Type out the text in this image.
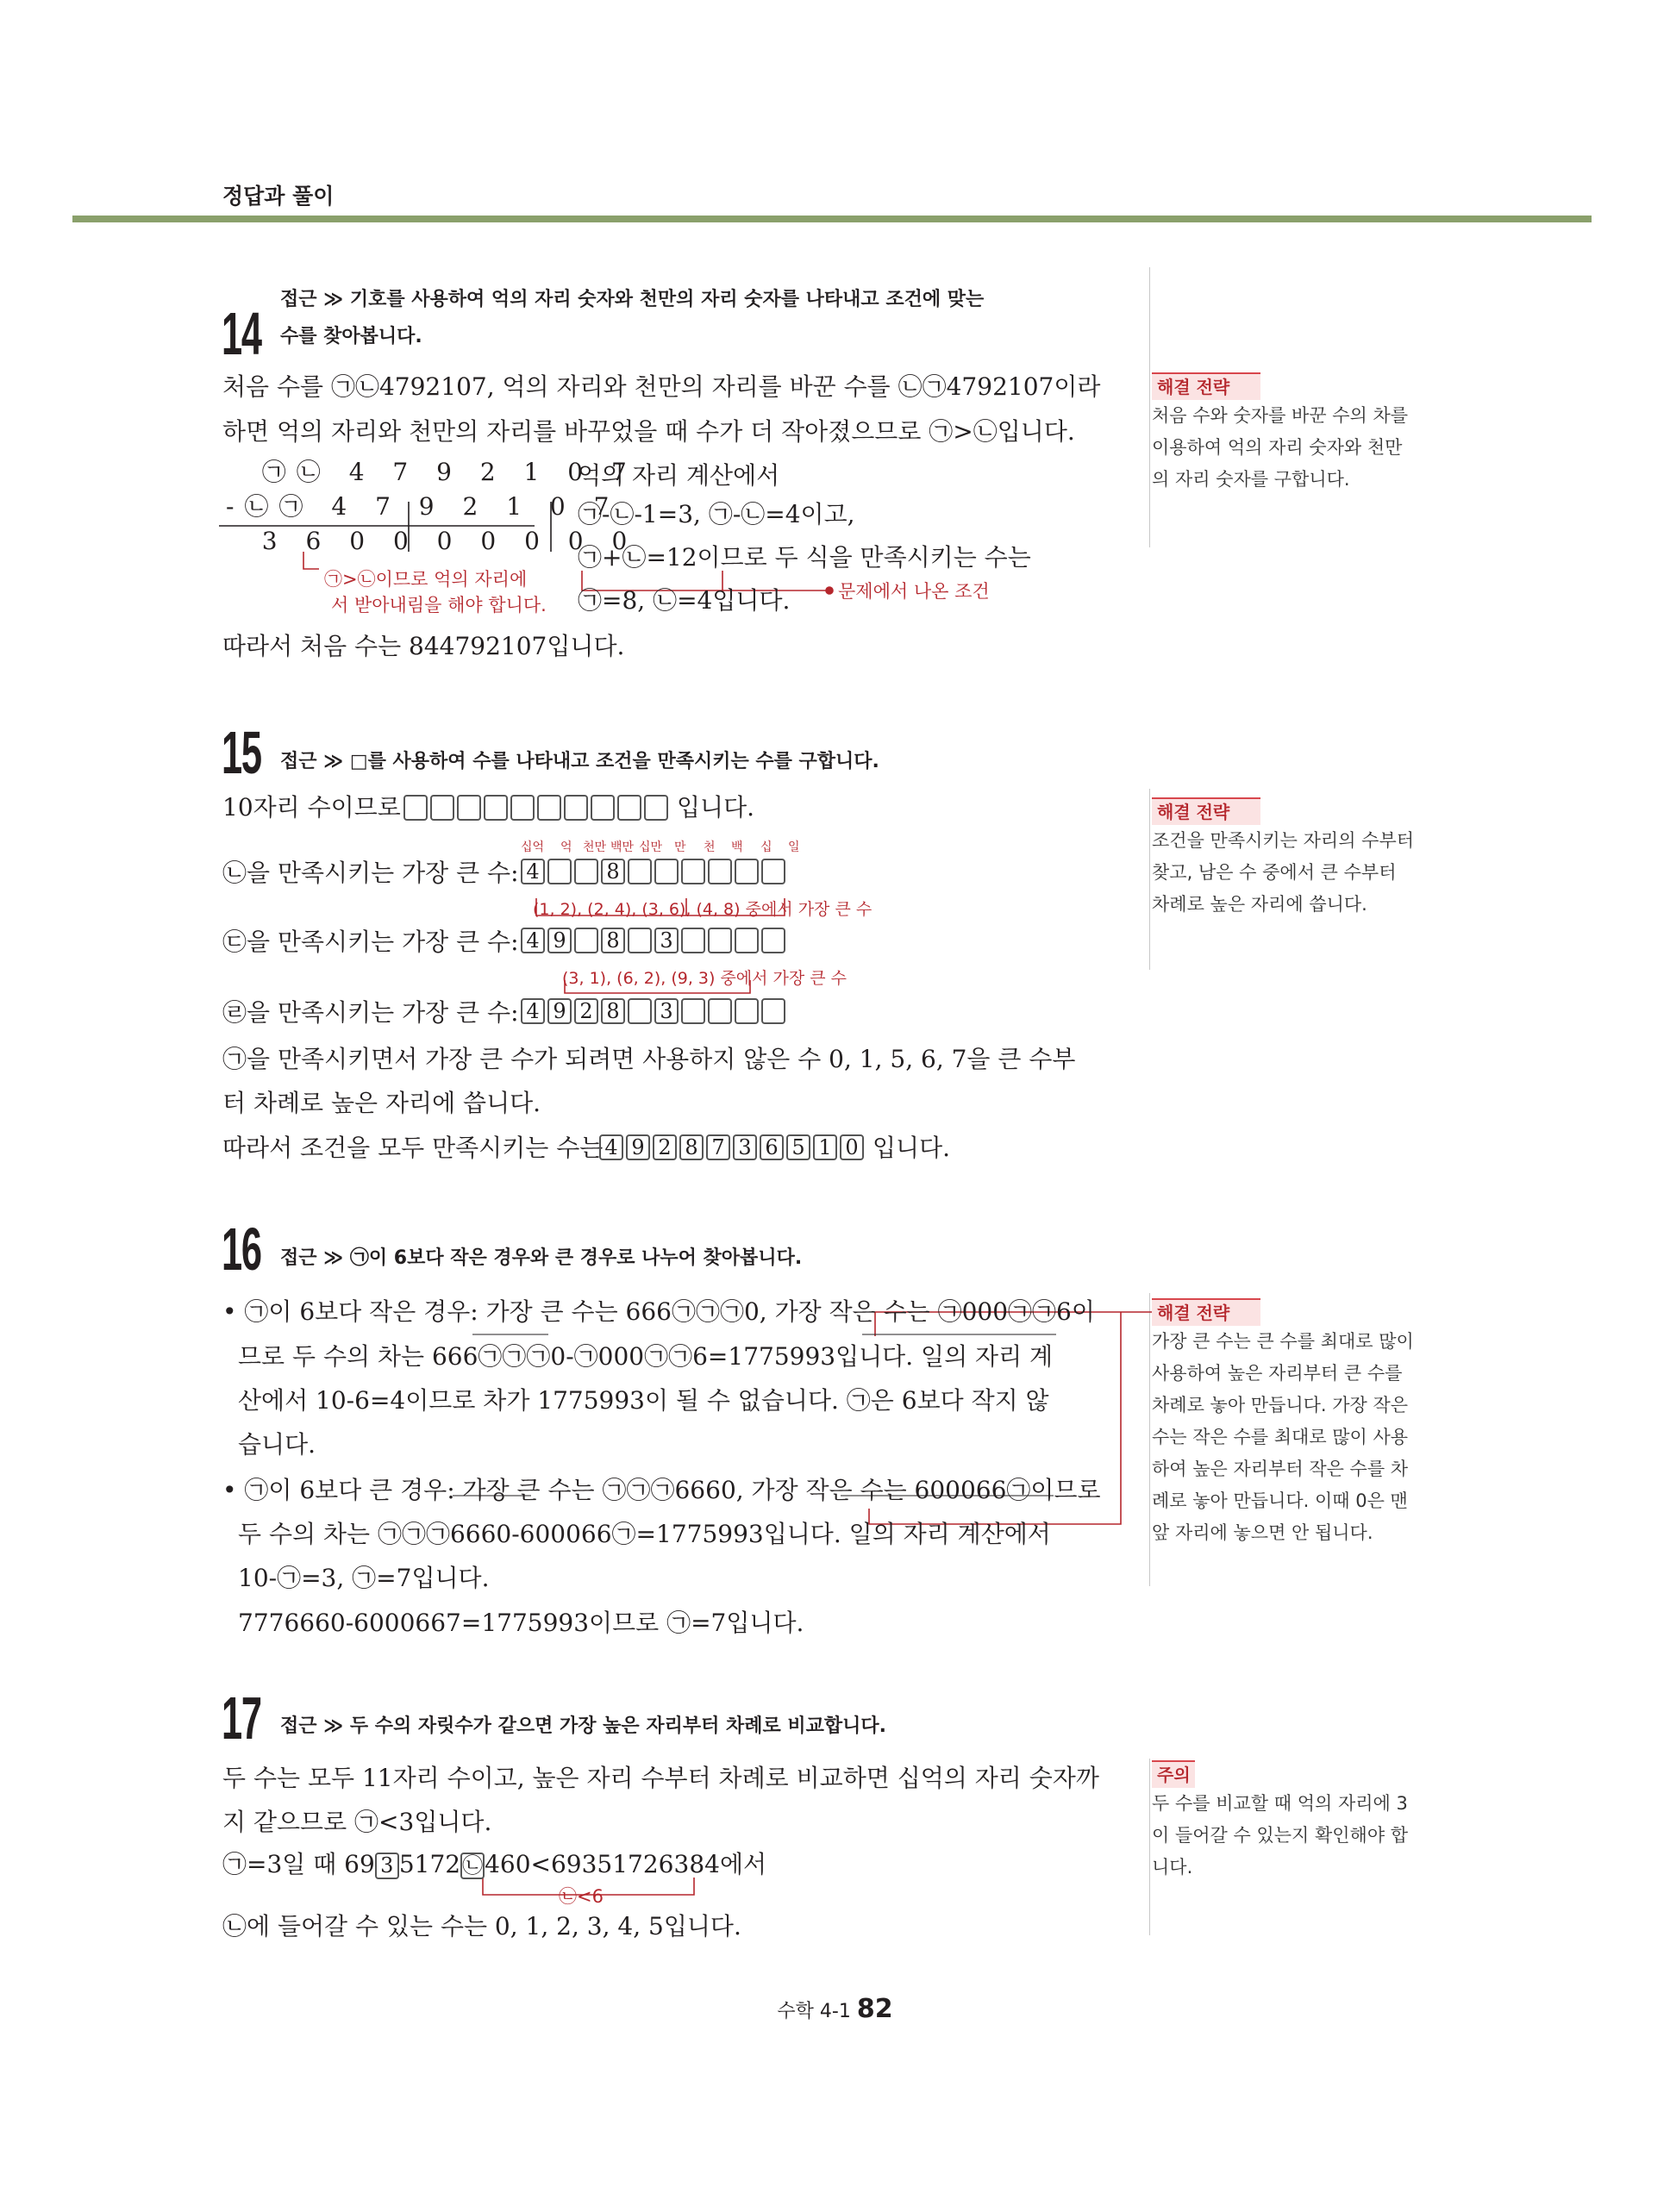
정답과 풀이
14
접근 ≫ 기호를 사용하여 억의 자리 숫자와 천만의 자리 숫자를 나타내고 조건에 맞는
수를 찾아봅니다.
처음 수를 ㉠㉡4792107, 억의 자리와 천만의 자리를 바꾼 수를 ㉡㉠4792107이라
하면 억의 자리와 천만의 자리를 바꾸었을 때 수가 더 작아졌으므로 ㉠>㉡입니다.
㉠㉡ 4 7 9 2 1 0 7
-㉡㉠ 4 7 9 2 1 0 7
3 6 0 0 0 0 0 0 0
억의 자리 계산에서
㉠-㉡-1=3, ㉠-㉡=4이고,
㉠+㉡=12이므로 두 식을 만족시키는 수는
㉠=8, ㉡=4입니다.
㉠>㉡이므로 억의 자리에
서 받아내림을 해야 합니다.
문제에서 나온 조건
따라서 처음 수는 844792107입니다.
해결 전략
처음 수와 숫자를 바꾼 수의 차를 이용하여 억의 자리 숫자와 천만의 자리 숫자를 구합니다.
15 접근 ≫ □를 사용하여 수를 나타내고 조건을 만족시키는 수를 구합니다.
10자리 수이므로	입니다.
십억 억 천만 백만 십만 만 천 백 십 일
㉡을 만족시키는 가장 큰 수: 4	8
(1, 2), (2, 4), (3, 6), (4, 8) 중에서 가장 큰 수
㉢을 만족시키는 가장 큰 수: 4 9 8 3
(3, 1), (6, 2), (9, 3) 중에서 가장 큰 수
㉣을 만족시키는 가장 큰 수: 4 9 2 8 3
㉠을 만족시키면서 가장 큰 수가 되려면 사용하지 않은 수 0, 1, 5, 6, 7을 큰 수부
터 차례로 높은 자리에 씁니다.
따라서 조건을 모두 만족시키는 수는 4 9 2 8 7 3 6 5 1 0 입니다.
해결 전략
조건을 만족시키는 자리의 수부터 찾고, 남은 수 중에서 큰 수부터 차례로 높은 자리에 씁니다.
16 접근 ≫ ㉠이 6보다 작은 경우와 큰 경우로 나누어 찾아봅니다.
• ㉠이 6보다 작은 경우: 가장 큰 수는 666㉠㉠㉠0, 가장 작은 수는 ㉠000㉠㉠6이
므로 두 수의 차는 666㉠㉠㉠0-㉠000㉠㉠6=1775993입니다. 일의 자리 계
산에서 10-6=4이므로 차가 1775993이 될 수 없습니다. ㉠은 6보다 작지 않
습니다.
• ㉠이 6보다 큰 경우: 가장 큰 수는 ㉠㉠㉠6660, 가장 작은 수는 600066㉠이므로
두 수의 차는 ㉠㉠㉠6660-600066㉠=1775993입니다. 일의 자리 계산에서
10-㉠=3, ㉠=7입니다.
7776660-6000667=1775993이므로 ㉠=7입니다.
해결 전략
가장 큰 수는 큰 수를 최대로 많이 사용하여 높은 자리부터 큰 수를 차례로 놓아 만듭니다. 가장 작은 수는 작은 수를 최대로 많이 사용하여 높은 자리부터 작은 수를 차례로 놓아 만듭니다. 이때 0은 맨 앞 자리에 놓으면 안 됩니다.
17 접근 ≫ 두 수의 자릿수가 같으면 가장 높은 자리부터 차례로 비교합니다.
두 수는 모두 11자리 수이고, 높은 자리 수부터 차례로 비교하면 십억의 자리 숫자까
지 같으므로 ㉠<3입니다.
㉠=3일 때 69 3 5172㉡460<69351726384에서
㉡<6
㉡에 들어갈 수 있는 수는 0, 1, 2, 3, 4, 5입니다.
주의
두 수를 비교할 때 억의 자리에 3이 들어갈 수 있는지 확인해야 합니다.
수학 4-1 82
